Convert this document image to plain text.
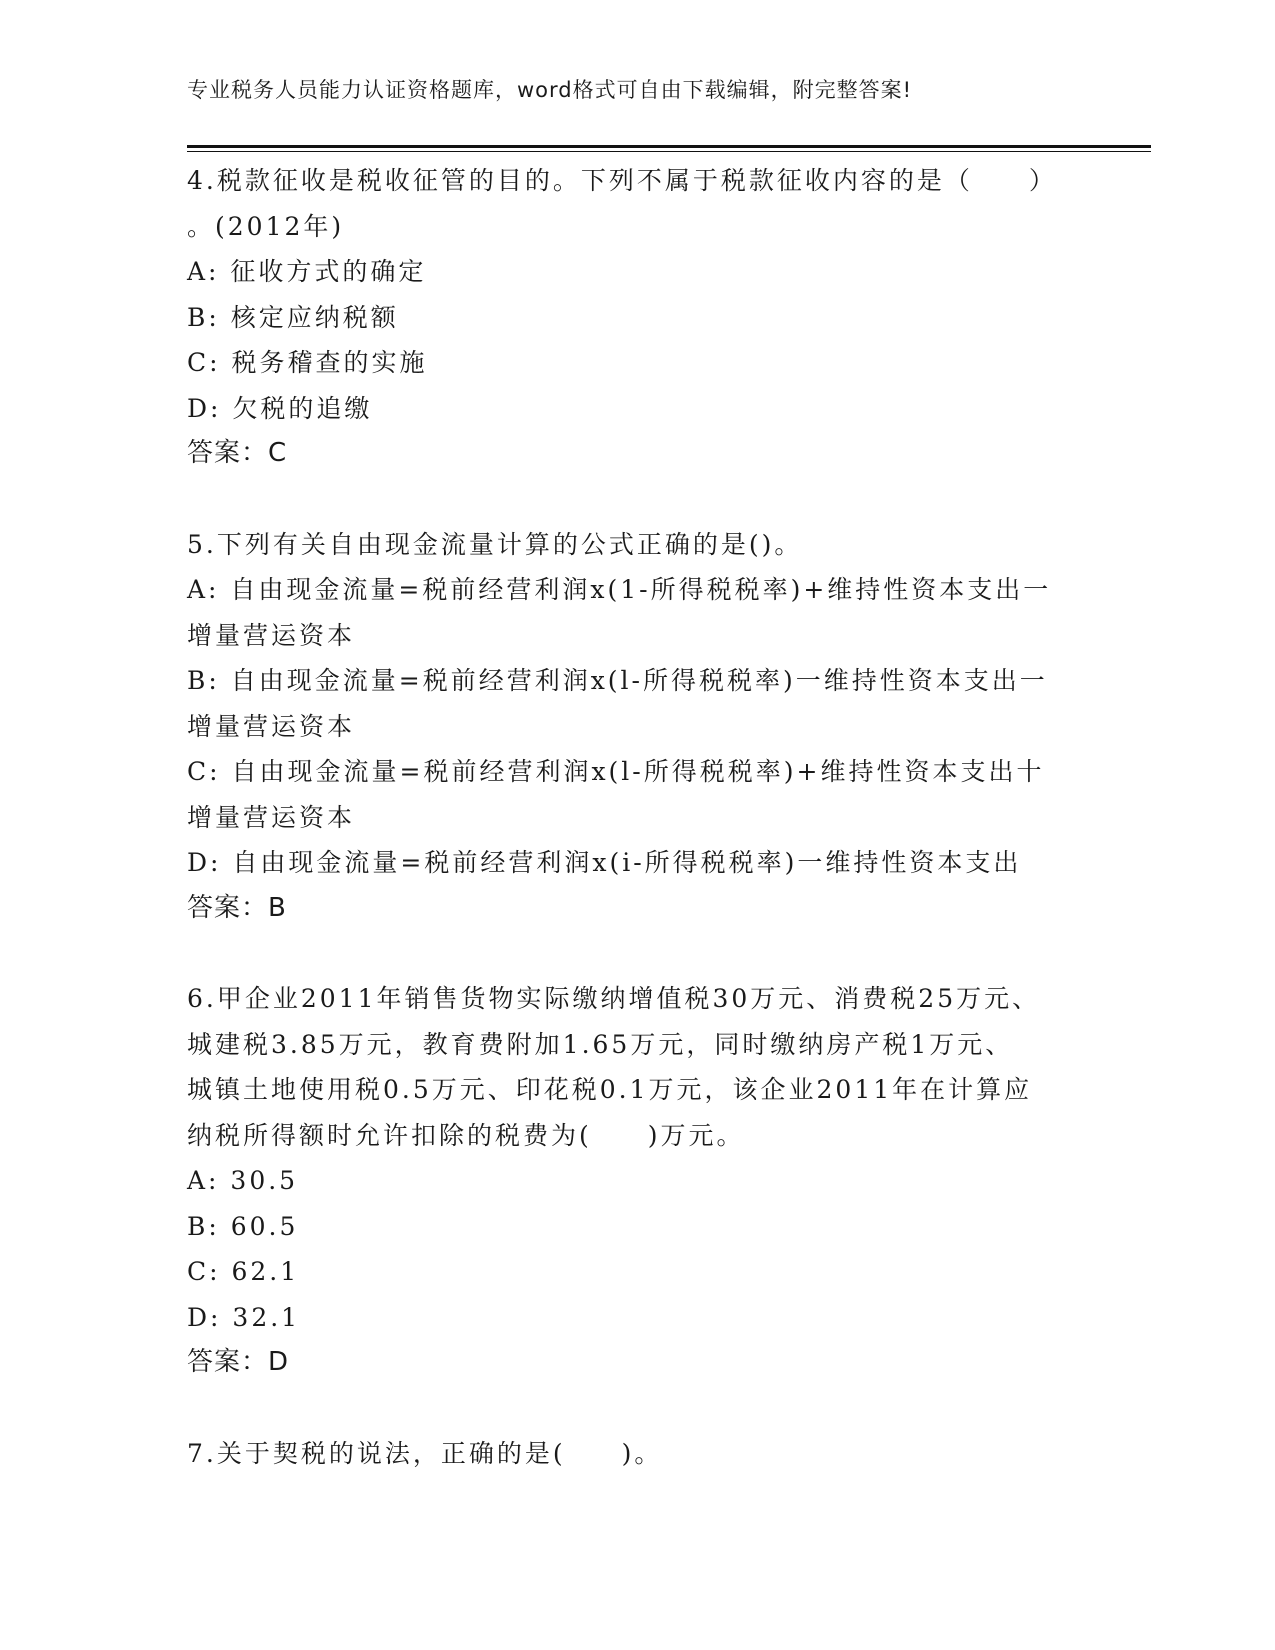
专业税务人员能力认证资格题库，word格式可自由下载编辑，附完整答案!
4.税款征收是税收征管的目的。下列不属于税款征收内容的是（　　）
。(2012年)
A: 征收方式的确定
B: 核定应纳税额
C: 税务稽查的实施
D: 欠税的追缴
答案：C
5.下列有关自由现金流量计算的公式正确的是()。
A: 自由现金流量=税前经营利润x(1-所得税税率)+维持性资本支出一
增量营运资本
B: 自由现金流量=税前经营利润x(l-所得税税率)一维持性资本支出一
增量营运资本
C: 自由现金流量=税前经营利润x(l-所得税税率)+维持性资本支出十
增量营运资本
D: 自由现金流量=税前经营利润x(i-所得税税率)一维持性资本支出
答案：B
6.甲企业2011年销售货物实际缴纳增值税30万元、消费税25万元、
城建税3.85万元，教育费附加1.65万元，同时缴纳房产税1万元、
城镇土地使用税0.5万元、印花税0.1万元，该企业2011年在计算应
纳税所得额时允许扣除的税费为(　　)万元。
A: 30.5
B: 60.5
C: 62.1
D: 32.1
答案：D
7.关于契税的说法，正确的是(　　)。
